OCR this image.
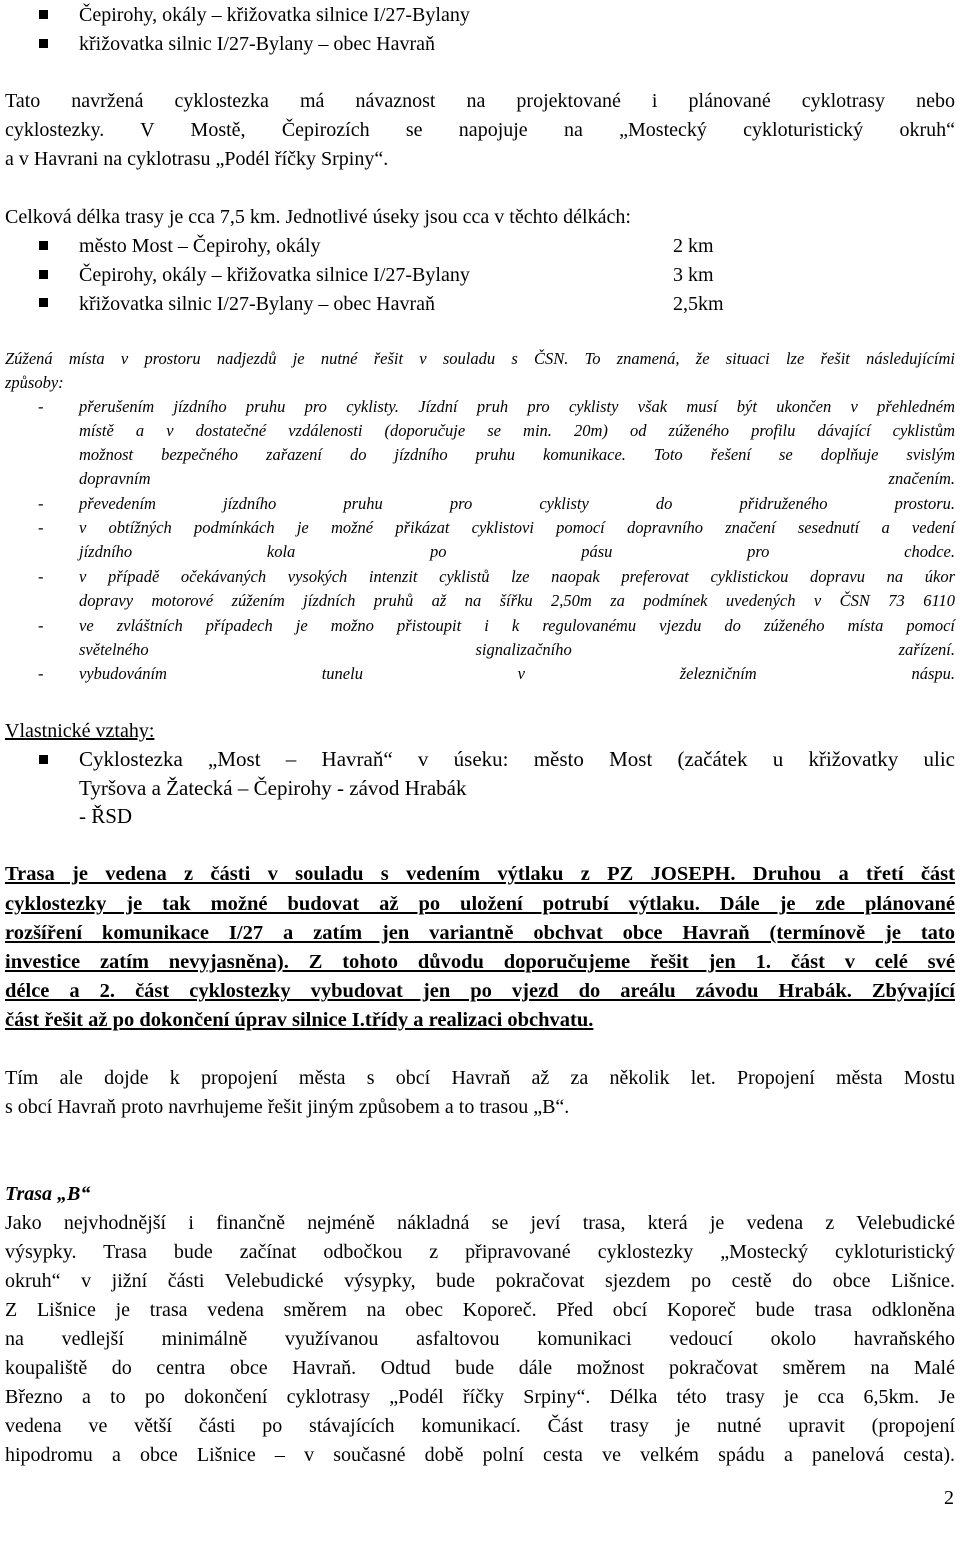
Čepirohy, okály – křižovatka silnice I/27-Bylany
křižovatka silnic I/27-Bylany – obec Havraň
Tato navržená cyklostezka má návaznost na projektované i plánované cyklotrasy nebo
cyklostezky. V Mostě, Čepirozích se napojuje na „Mostecký cykloturistický okruh“
a v Havrani na cyklotrasu „Podél říčky Srpiny“.
Celková délka trasy je cca 7,5 km. Jednotlivé úseky jsou cca v těchto délkách:
město Most – Čepirohy, okály	2 km
Čepirohy, okály – křižovatka silnice I/27-Bylany	3 km
křižovatka silnic I/27-Bylany – obec Havraň	2,5km
Zúžená místa v prostoru nadjezdů je nutné řešit v souladu s ČSN. To znamená, že situaci lze řešit následujícími
způsoby:
- přerušením jízdního pruhu pro cyklisty. Jízdní pruh pro cyklisty však musí být ukončen v přehledném
místě a v dostatečné vzdálenosti (doporučuje se min. 20m) od zúženého profilu dávající cyklistům
možnost bezpečného zařazení do jízdního pruhu komunikace. Toto řešení se doplňuje svislým
dopravním značením.
- převedením jízdního pruhu pro cyklisty do přidruženého prostoru.
- v obtížných podmínkách je možné přikázat cyklistovi pomocí dopravního značení sesednutí a vedení
jízdního kola po pásu pro chodce.
- v případě očekávaných vysokých intenzit cyklistů lze naopak preferovat cyklistickou dopravu na úkor
dopravy motorové zúžením jízdních pruhů až na šířku 2,50m za podmínek uvedených v ČSN 73 6110
- ve zvláštních případech je možno přistoupit i k regulovanému vjezdu do zúženého místa pomocí
světelného signalizačního zařízení.
- vybudováním tunelu v železničním náspu.
Vlastnické vztahy:
Cyklostezka „Most – Havraň“ v úseku: město Most (začátek u křižovatky ulic
Tyršova a Žatecká – Čepirohy - závod Hrabák
- ŘSD
Trasa je vedena z části v souladu s vedením výtlaku z PZ JOSEPH. Druhou a třetí část
cyklostezky je tak možné budovat až po uložení potrubí výtlaku. Dále je zde plánované
rozšíření komunikace I/27 a zatím jen variantně obchvat obce Havraň (termínově je tato
investice zatím nevyjasněna). Z tohoto důvodu doporučujeme řešit jen 1. část v celé své
délce a 2. část cyklostezky vybudovat jen po vjezd do areálu závodu Hrabák. Zbývající
část řešit až po dokončení úprav silnice I.třídy a realizaci obchvatu.
Tím ale dojde k propojení města s obcí Havraň až za několik let. Propojení města Mostu
s obcí Havraň proto navrhujeme řešit jiným způsobem a to trasou „B“.
Trasa „B“
Jako nejvhodnější i finančně nejméně nákladná se jeví trasa, která je vedena z Velebudické
výsypky. Trasa bude začínat odbočkou z připravované cyklostezky „Mostecký cykloturistický
okruh“ v jižní části Velebudické výsypky, bude pokračovat sjezdem po cestě do obce Lišnice.
Z Lišnice je trasa vedena směrem na obec Koporeč. Před obcí Koporeč bude trasa odkloněna
na vedlejší minimálně využívanou asfaltovou komunikaci vedoucí okolo havraňského
koupaliště do centra obce Havraň. Odtud bude dále možnost pokračovat směrem na Malé
Březno a to po dokončení cyklotrasy „Podél říčky Srpiny“. Délka této trasy je cca 6,5km. Je
vedena ve větší části po stávajících komunikací. Část trasy je nutné upravit (propojení
hipodromu a obce Lišnice – v současné době polní cesta ve velkém spádu a panelová cesta).
2
